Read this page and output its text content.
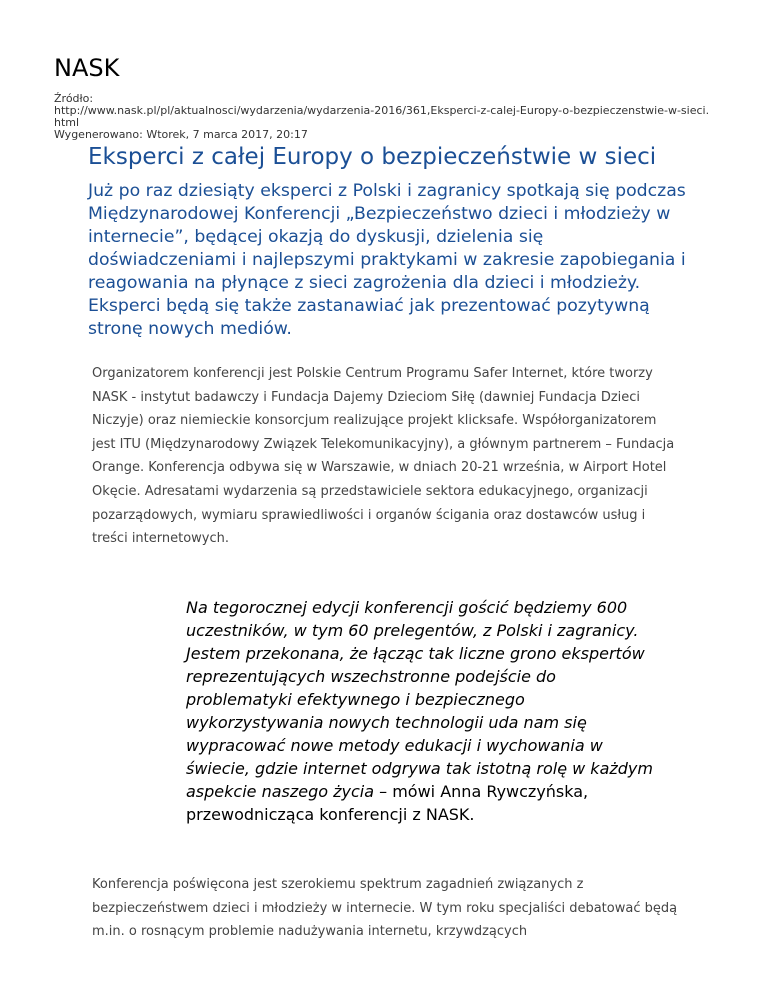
NASK
Źródło:
http://www.nask.pl/pl/aktualnosci/wydarzenia/wydarzenia-2016/361,Eksperci-z-calej-Europy-o-bezpieczenstwie-w-sieci.html
Wygenerowano: Wtorek, 7 marca 2017, 20:17
Eksperci z całej Europy o bezpieczeństwie w sieci

Już po raz dziesiąty eksperci z Polski i zagranicy spotkają się podczas Międzynarodowej Konferencji „Bezpieczeństwo dzieci i młodzieży w internecie”, będącej okazją do dyskusji, dzielenia się doświadczeniami i najlepszymi praktykami w zakresie zapobiegania i reagowania na płynące z sieci zagrożenia dla dzieci i młodzieży. Eksperci będą się także zastanawiać jak prezentować pozytywną stronę nowych mediów.

Organizatorem konferencji jest Polskie Centrum Programu Safer Internet, które tworzy NASK - instytut badawczy i Fundacja Dajemy Dzieciom Siłę (dawniej Fundacja Dzieci Niczyje) oraz niemieckie konsorcjum realizujące projekt klicksafe. Współorganizatorem jest ITU (Międzynarodowy Związek Telekomunikacyjny), a głównym partnerem – Fundacja Orange. Konferencja odbywa się w Warszawie, w dniach 20-21 września, w Airport Hotel Okęcie. Adresatami wydarzenia są przedstawiciele sektora edukacyjnego, organizacji pozarządowych, wymiaru sprawiedliwości i organów ścigania oraz dostawców usług i treści internetowych.

Na tegorocznej edycji konferencji gościć będziemy 600 uczestników, w tym 60 prelegentów, z Polski i zagranicy. Jestem przekonana, że łącząc tak liczne grono ekspertów reprezentujących wszechstronne podejście do problematyki efektywnego i bezpiecznego wykorzystywania nowych technologii uda nam się wypracować nowe metody edukacji i wychowania w świecie, gdzie internet odgrywa tak istotną rolę w każdym aspekcie naszego życia – mówi Anna Rywczyńska, przewodnicząca konferencji z NASK.

Konferencja poświęcona jest szerokiemu spektrum zagadnień związanych z bezpieczeństwem dzieci i młodzieży w internecie. W tym roku specjaliści debatować będą m.in. o rosnącym problemie nadużywania internetu, krzywdzących
